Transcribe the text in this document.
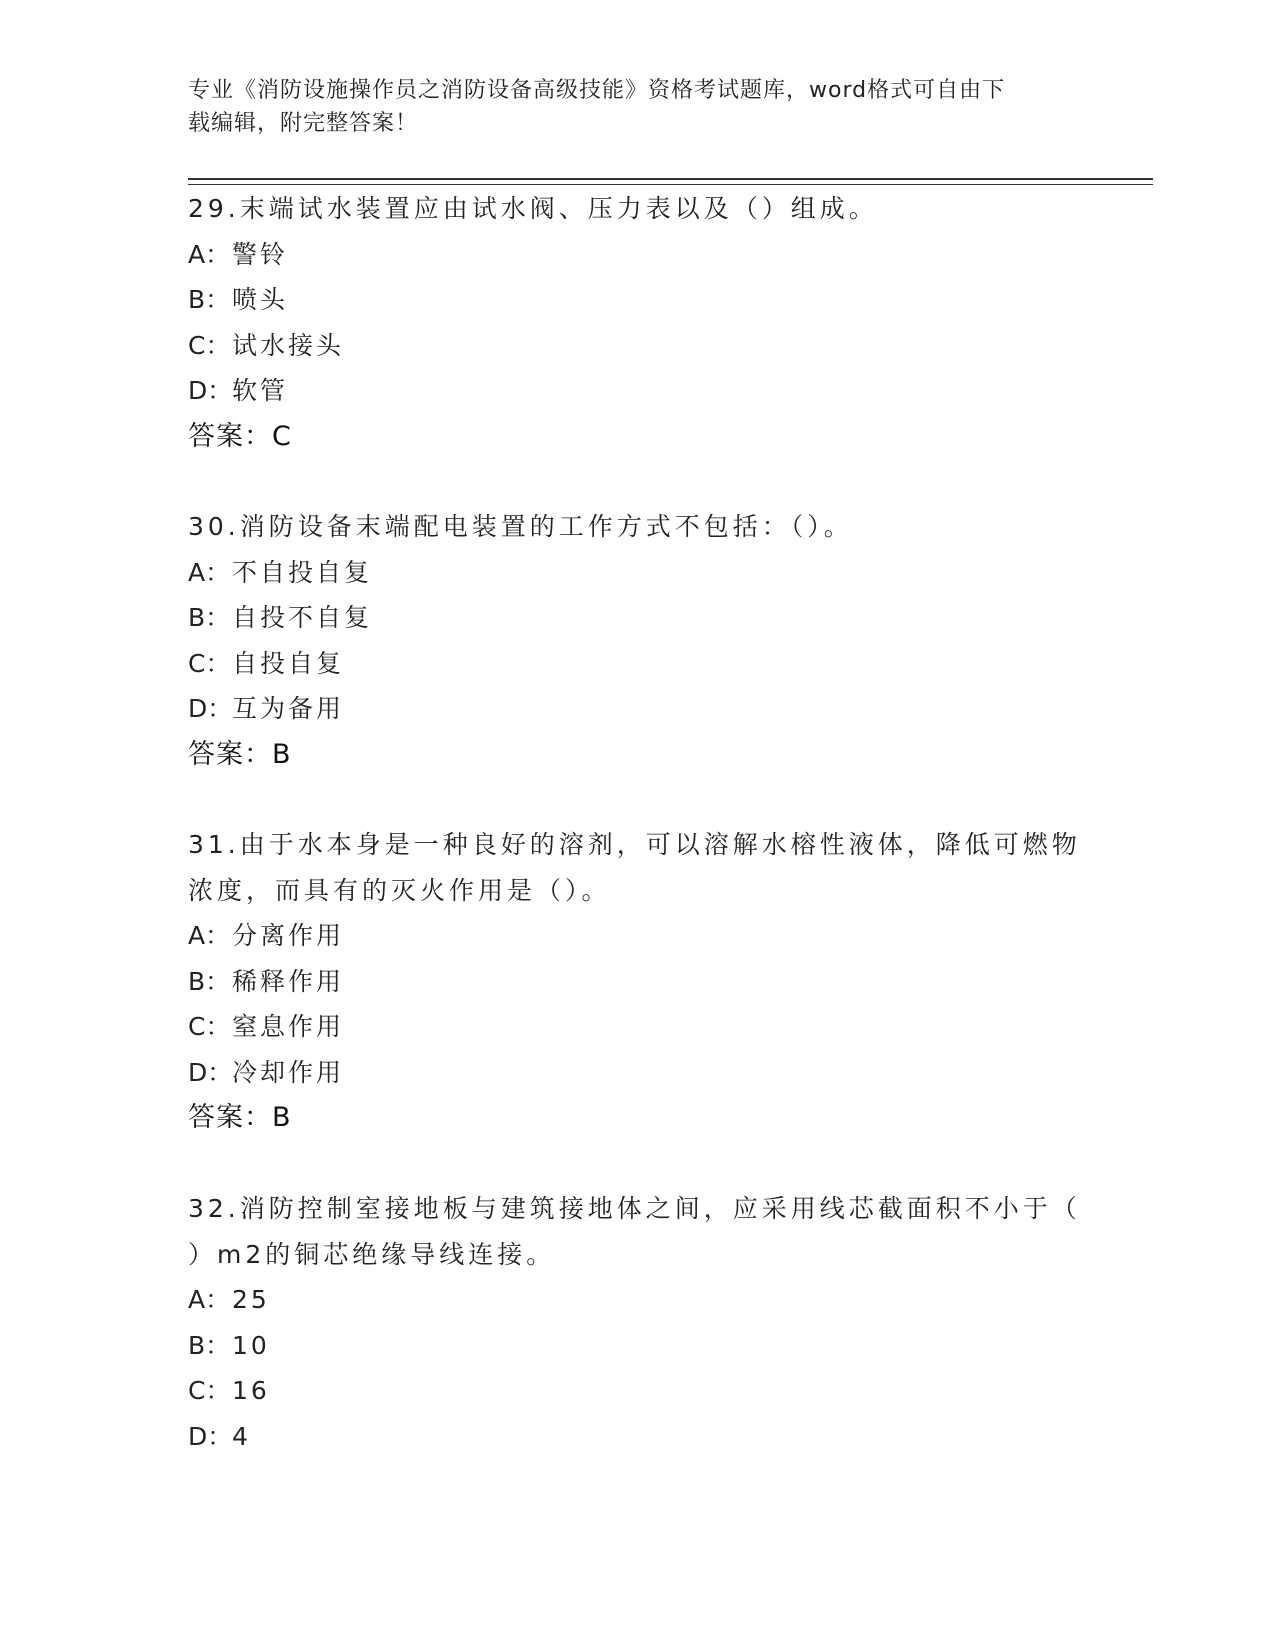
专业《消防设施操作员之消防设备高级技能》资格考试题库，word格式可自由下
载编辑，附完整答案！
29.末端试水装置应由试水阀、压力表以及（）组成。
A： 警铃
B： 喷头
C： 试水接头
D： 软管
答案：C
30.消防设备末端配电装置的工作方式不包括：（）。
A： 不自投自复
B： 自投不自复
C： 自投自复
D： 互为备用
答案：B
31.由于水本身是一种良好的溶剂，可以溶解水榕性液体，降低可燃物
浓度，而具有的灭火作用是（）。
A： 分离作用
B： 稀释作用
C： 窒息作用
D： 冷却作用
答案：B
32.消防控制室接地板与建筑接地体之间，应采用线芯截面积不小于（
）m2的铜芯绝缘导线连接。
A： 25
B： 10
C： 16
D： 4
